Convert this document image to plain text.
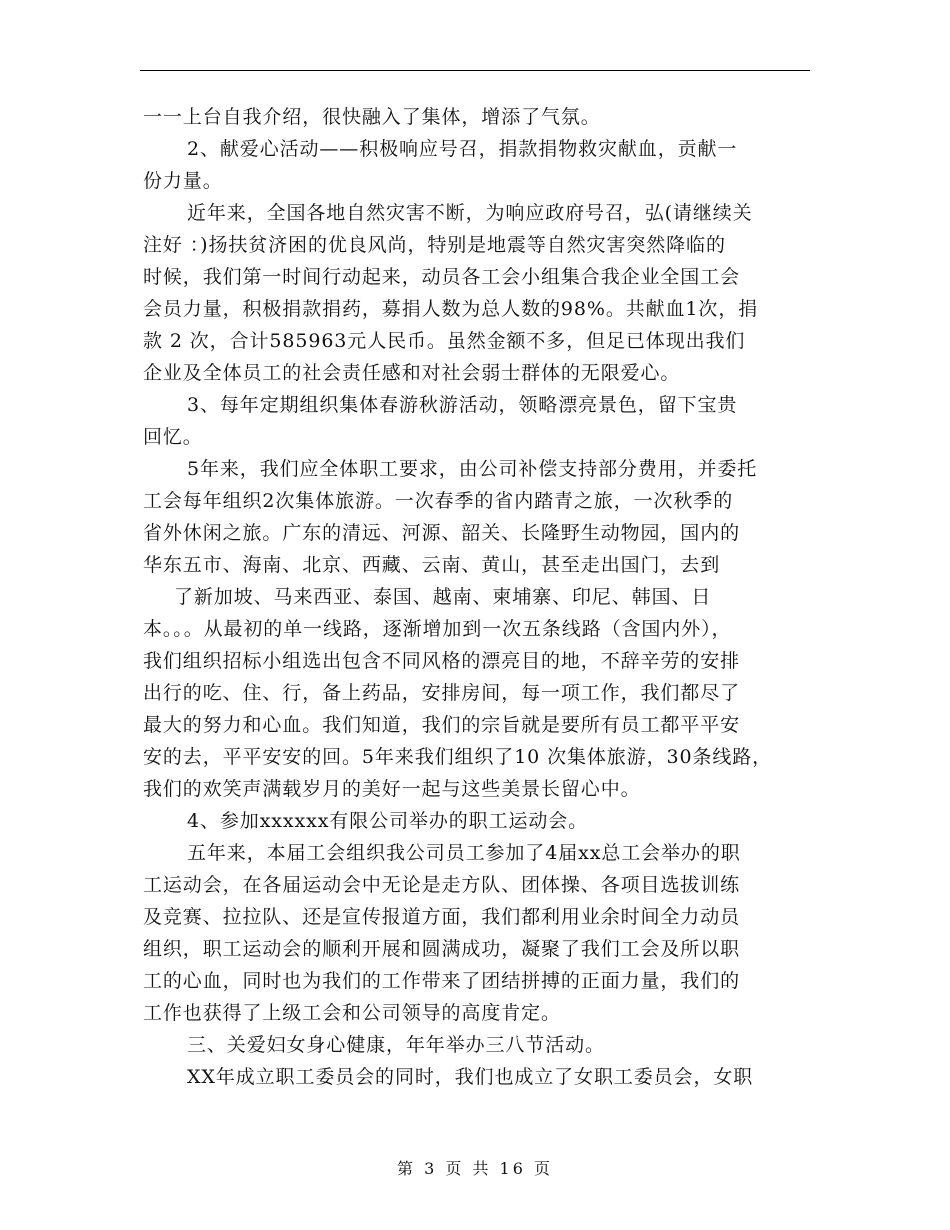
一一上台自我介绍，很快融入了集体，增添了气氛。
2、献爱心活动——积极响应号召，捐款捐物救灾献血，贡献一
份力量。
近年来，全国各地自然灾害不断，为响应政府号召，弘(请继续关
注好 ：)扬扶贫济困的优良风尚，特别是地震等自然灾害突然降临的
时候，我们第一时间行动起来，动员各工会小组集合我企业全国工会
会员力量，积极捐款捐药，募捐人数为总人数的98%。共献血1次，捐
款 2 次，合计585963元人民币。虽然金额不多，但足已体现出我们
企业及全体员工的社会责任感和对社会弱士群体的无限爱心。
3、每年定期组织集体春游秋游活动，领略漂亮景色，留下宝贵
回忆。
5年来，我们应全体职工要求，由公司补偿支持部分费用，并委托
工会每年组织2次集体旅游。一次春季的省内踏青之旅，一次秋季的
省外休闲之旅。广东的清远、河源、韶关、长隆野生动物园，国内的
华东五市、海南、北京、西藏、云南、黄山，甚至走出国门，去到
了新加坡、马来西亚、泰国、越南、柬埔寨、印尼、韩国、日
本。。。从最初的单一线路，逐渐增加到一次五条线路（含国内外），
我们组织招标小组选出包含不同风格的漂亮目的地，不辞辛劳的安排
出行的吃、住、行，备上药品，安排房间，每一项工作，我们都尽了
最大的努力和心血。我们知道，我们的宗旨就是要所有员工都平平安
安的去，平平安安的回。5年来我们组织了10 次集体旅游，30条线路，
我们的欢笑声满载岁月的美好一起与这些美景长留心中。
4、参加xxxxxx有限公司举办的职工运动会。
五年来，本届工会组织我公司员工参加了4届xx总工会举办的职
工运动会，在各届运动会中无论是走方队、团体操、各项目选拔训练
及竞赛、拉拉队、还是宣传报道方面，我们都利用业余时间全力动员
组织，职工运动会的顺利开展和圆满成功，凝聚了我们工会及所以职
工的心血，同时也为我们的工作带来了团结拼搏的正面力量，我们的
工作也获得了上级工会和公司领导的高度肯定。
三、关爱妇女身心健康，年年举办三八节活动。
XX年成立职工委员会的同时，我们也成立了女职工委员会，女职
第 3 页 共 16 页
